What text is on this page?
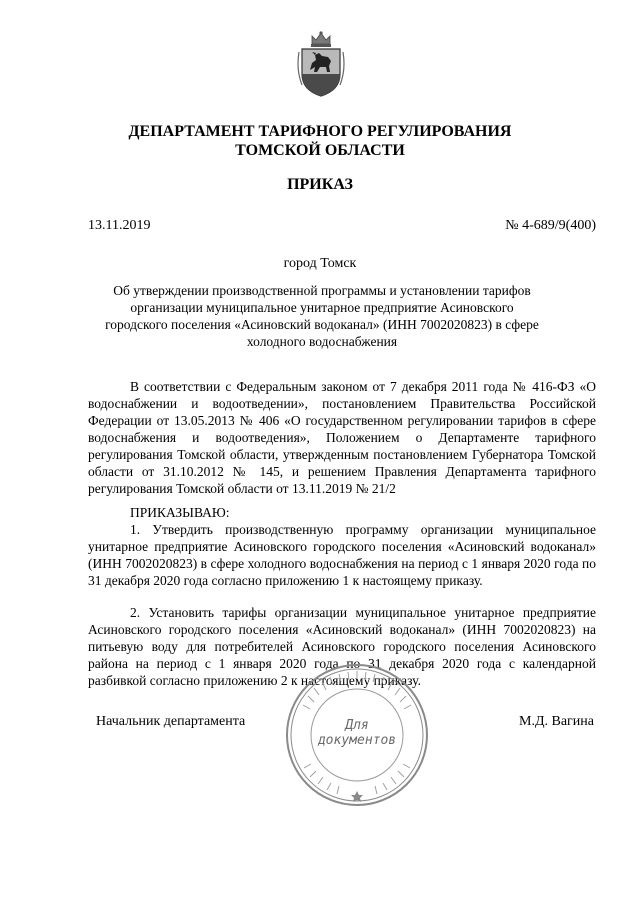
ДЕПАРТАМЕНТ ТАРИФНОГО РЕГУЛИРОВАНИЯ
ТОМСКОЙ ОБЛАСТИ
ПРИКАЗ
13.11.2019	№ 4-689/9(400)
город Томск
Об утверждении производственной программы и установлении тарифов организации муниципальное унитарное предприятие Асиновского городского поселения «Асиновский водоканал» (ИНН 7002020823) в сфере холодного водоснабжения
В соответствии с Федеральным законом от 7 декабря 2011 года № 416-ФЗ «О водоснабжении и водоотведении», постановлением Правительства Российской Федерации от 13.05.2013 № 406 «О государственном регулировании тарифов в сфере водоснабжения и водоотведения», Положением о Департаменте тарифного регулирования Томской области, утвержденным постановлением Губернатора Томской области от 31.10.2012 № 145, и решением Правления Департамента тарифного регулирования Томской области от 13.11.2019 № 21/2
ПРИКАЗЫВАЮ:
1. Утвердить производственную программу организации муниципальное унитарное предприятие Асиновского городского поселения «Асиновский водоканал» (ИНН 7002020823) в сфере холодного водоснабжения на период с 1 января 2020 года по 31 декабря 2020 года согласно приложению 1 к настоящему приказу.
2. Установить тарифы организации муниципальное унитарное предприятие Асиновского городского поселения «Асиновский водоканал» (ИНН 7002020823) на питьевую воду для потребителей Асиновского городского поселения Асиновского района на период с 1 января 2020 года по 31 декабря 2020 года с календарной разбивкой согласно приложению 2 к настоящему приказу.
Начальник департамента	М.Д. Вагина
Для
документов
